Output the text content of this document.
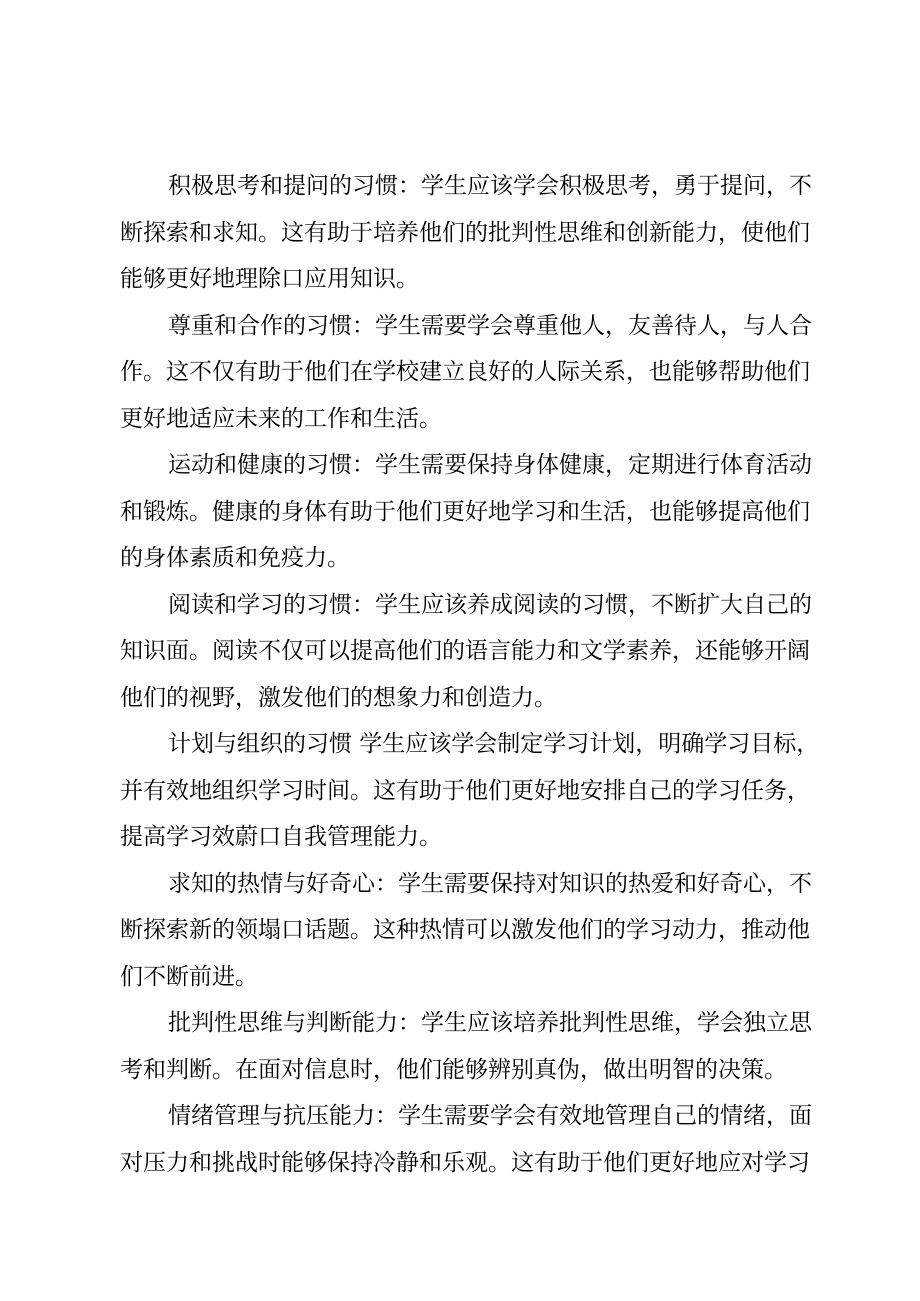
积极思考和提问的习惯：学生应该学会积极思考，勇于提问，不
断探索和求知。这有助于培养他们的批判性思维和创新能力，使他们
能够更好地理除口应用知识。

尊重和合作的习惯：学生需要学会尊重他人，友善待人，与人合
作。这不仅有助于他们在学校建立良好的人际关系，也能够帮助他们
更好地适应未来的工作和生活。

运动和健康的习惯：学生需要保持身体健康，定期进行体育活动
和锻炼。健康的身体有助于他们更好地学习和生活，也能够提高他们
的身体素质和免疫力。

阅读和学习的习惯：学生应该养成阅读的习惯，不断扩大自己的
知识面。阅读不仅可以提高他们的语言能力和文学素养，还能够开阔
他们的视野，激发他们的想象力和创造力。

计划与组织的习惯 学生应该学会制定学习计划，明确学习目标，
并有效地组织学习时间。这有助于他们更好地安排自己的学习任务，
提高学习效蔚口自我管理能力。

求知的热情与好奇心：学生需要保持对知识的热爱和好奇心，不
断探索新的领塌口话题。这种热情可以激发他们的学习动力，推动他
们不断前进。

批判性思维与判断能力：学生应该培养批判性思维，学会独立思
考和判断。在面对信息时，他们能够辨别真伪，做出明智的决策。

情绪管理与抗压能力：学生需要学会有效地管理自己的情绪，面
对压力和挑战时能够保持冷静和乐观。这有助于他们更好地应对学习
